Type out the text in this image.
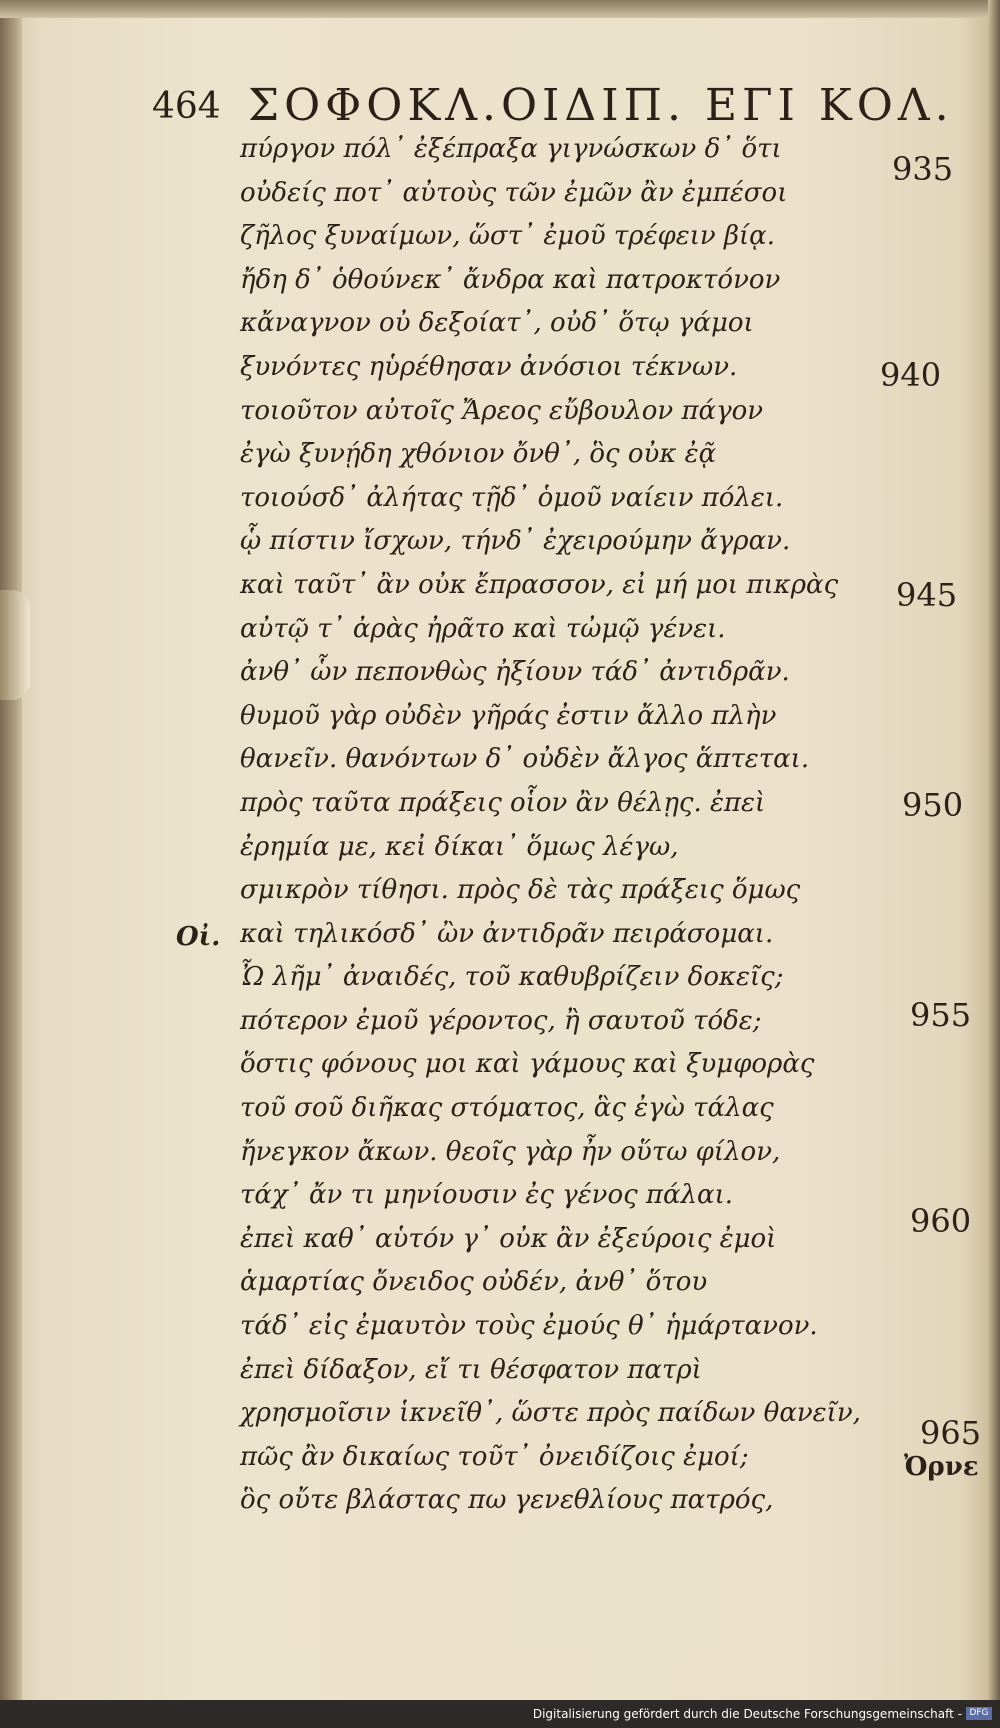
464 ΣΟΦΟΚΛ.ΟΙΔΙΠ. ΕΓΙ ΚΟΛ.
Οἰ.
πύργον πόλ᾽ ἐξέπραξα γιγνώσκων δ᾽ ὅτι
οὐδείς ποτ᾽ αὐτοὺς τῶν ἐμῶν ἂν ἐμπέσοι
ζῆλος ξυναίμων, ὥστ᾽ ἐμοῦ τρέφειν βίᾳ.
ἤδη δ᾽ ὁθούνεκ᾽ ἄνδρα καὶ πατροκτόνον
κἄναγνον οὐ δεξοίατ᾽, οὐδ᾽ ὅτῳ γάμοι
ξυνόντες ηὑρέθησαν ἀνόσιοι τέκνων.
τοιοῦτον αὐτοῖς Ἄρεος εὔβουλον πάγον
ἐγὼ ξυνῄδη χθόνιον ὄνθ᾽, ὃς οὐκ ἐᾷ
τοιούσδ᾽ ἀλήτας τῇδ᾽ ὁμοῦ ναίειν πόλει.
ᾧ πίστιν ἴσχων, τήνδ᾽ ἐχειρούμην ἄγραν.
καὶ ταῦτ᾽ ἂν οὐκ ἔπρασσον, εἰ μή μοι πικρὰς
αὐτῷ τ᾽ ἀρὰς ἠρᾶτο καὶ τὠμῷ γένει.
ἀνθ᾽ ὧν πεπονθὼς ἠξίουν τάδ᾽ ἀντιδρᾶν.
θυμοῦ γὰρ οὐδὲν γῆράς ἐστιν ἄλλο πλὴν
θανεῖν. θανόντων δ᾽ οὐδὲν ἄλγος ἅπτεται.
πρὸς ταῦτα πράξεις οἷον ἂν θέλῃς. ἐπεὶ
ἐρημία με, κεἰ δίκαι᾽ ὅμως λέγω,
σμικρὸν τίθησι. πρὸς δὲ τὰς πράξεις ὅμως
καὶ τηλικόσδ᾽ ὢν ἀντιδρᾶν πειράσομαι.
Ὦ λῆμ᾽ ἀναιδές, τοῦ καθυβρίζειν δοκεῖς;
πότερον ἐμοῦ γέροντος, ἢ σαυτοῦ τόδε;
ὅστις φόνους μοι καὶ γάμους καὶ ξυμφορὰς
τοῦ σοῦ διῆκας στόματος, ἃς ἐγὼ τάλας
ἤνεγκον ἄκων. θεοῖς γὰρ ἦν οὕτω φίλον,
τάχ᾽ ἄν τι μηνίουσιν ἐς γένος πάλαι.
ἐπεὶ καθ᾽ αὑτόν γ᾽ οὐκ ἂν ἐξεύροις ἐμοὶ
ἁμαρτίας ὄνειδος οὐδέν, ἀνθ᾽ ὅτου
τάδ᾽ εἰς ἐμαυτὸν τοὺς ἐμούς θ᾽ ἡμάρτανον.
ἐπεὶ δίδαξον, εἴ τι θέσφατον πατρὶ
χρησμοῖσιν ἱκνεῖθ᾽, ὥστε πρὸς παίδων θανεῖν,
πῶς ἂν δικαίως τοῦτ᾽ ὀνειδίζοις ἐμοί;
ὃς οὔτε βλάστας πω γενεθλίους πατρός,
935
940
945
950
955
960
965
Ὀρνε
Digitalisierung gefördert durch die Deutsche Forschungsgemeinschaft - DFG
